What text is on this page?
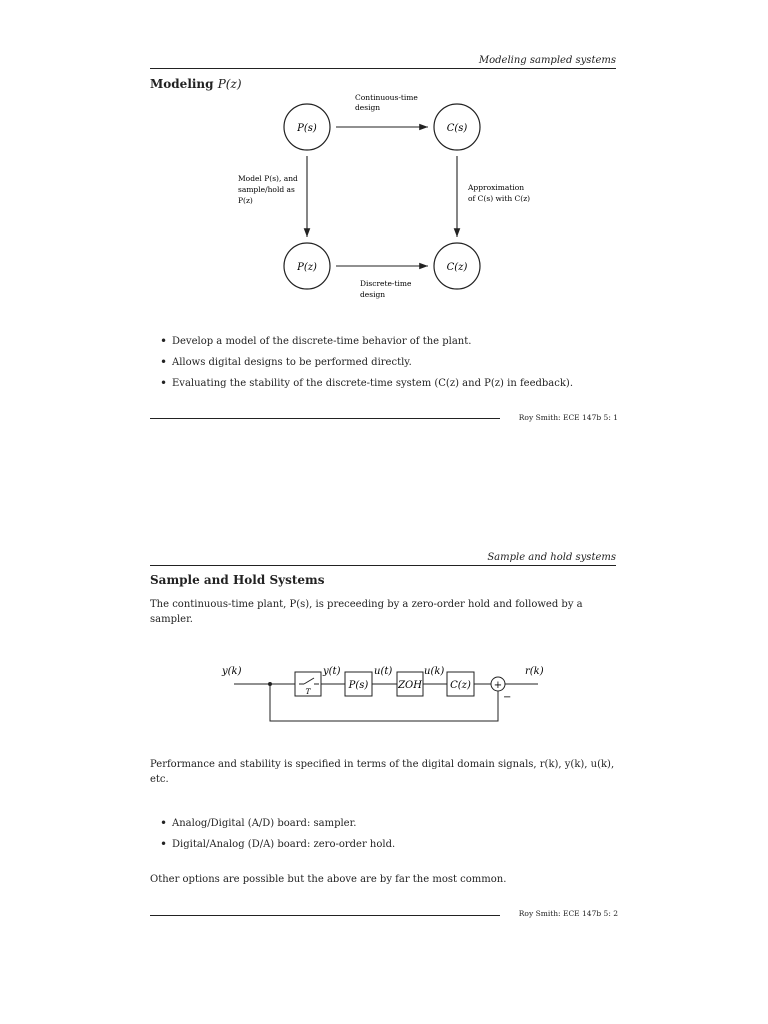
Modeling sampled systems
Modeling P(z)
P(s)	C(s)
P(z)	C(z)
Continuous-time
design
Model P(s), and
sample/hold as
P(z)
Approximation
of C(s) with C(z)
Discrete-time
design
• Develop a model of the discrete-time behavior of the plant.
• Allows digital designs to be performed directly.
• Evaluating the stability of the discrete-time system (C(z) and P(z) in feedback).
Roy Smith: ECE 147b 5: 1
Sample and hold systems
Sample and Hold Systems
The continuous-time plant, P(s), is preceeding by a zero-order hold and followed by a sampler.
y(k)	y(t)	u(t)	u(k)	r(k)
T
P(s)	ZOH	C(z) +
−
Performance and stability is specified in terms of the digital domain signals, r(k), y(k), u(k), etc.
• Analog/Digital (A/D) board: sampler.
• Digital/Analog (D/A) board: zero-order hold.
Other options are possible but the above are by far the most common.
Roy Smith: ECE 147b 5: 2
